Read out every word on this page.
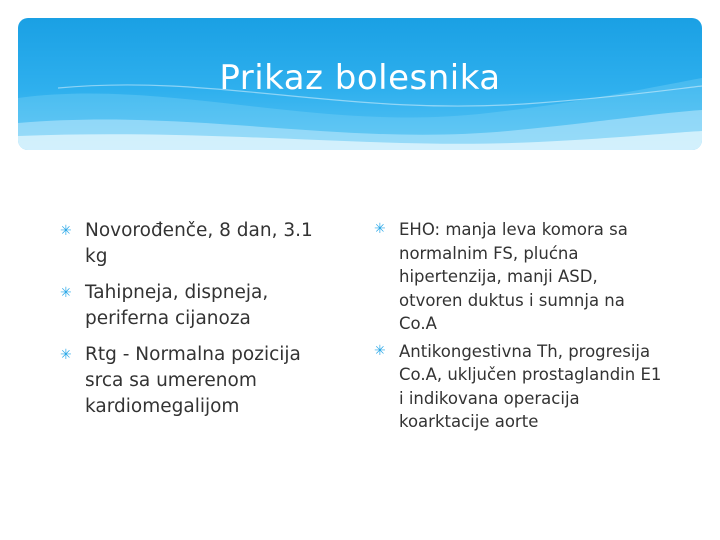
Prikaz bolesnika
✳ Novorođenče, 8 dan, 3.1 kg
✳ Tahipneja, dispneja, periferna cijanoza
✳ Rtg - Normalna pozicija srca sa umerenom kardiomegalijom
✳ EHO: manja leva komora sa normalnim FS, plućna hipertenzija, manji ASD, otvoren duktus i sumnja na Co.A
✳ Antikongestivna Th, progresija Co.A, uključen prostaglandin E1 i indikovana operacija koarktacije aorte
